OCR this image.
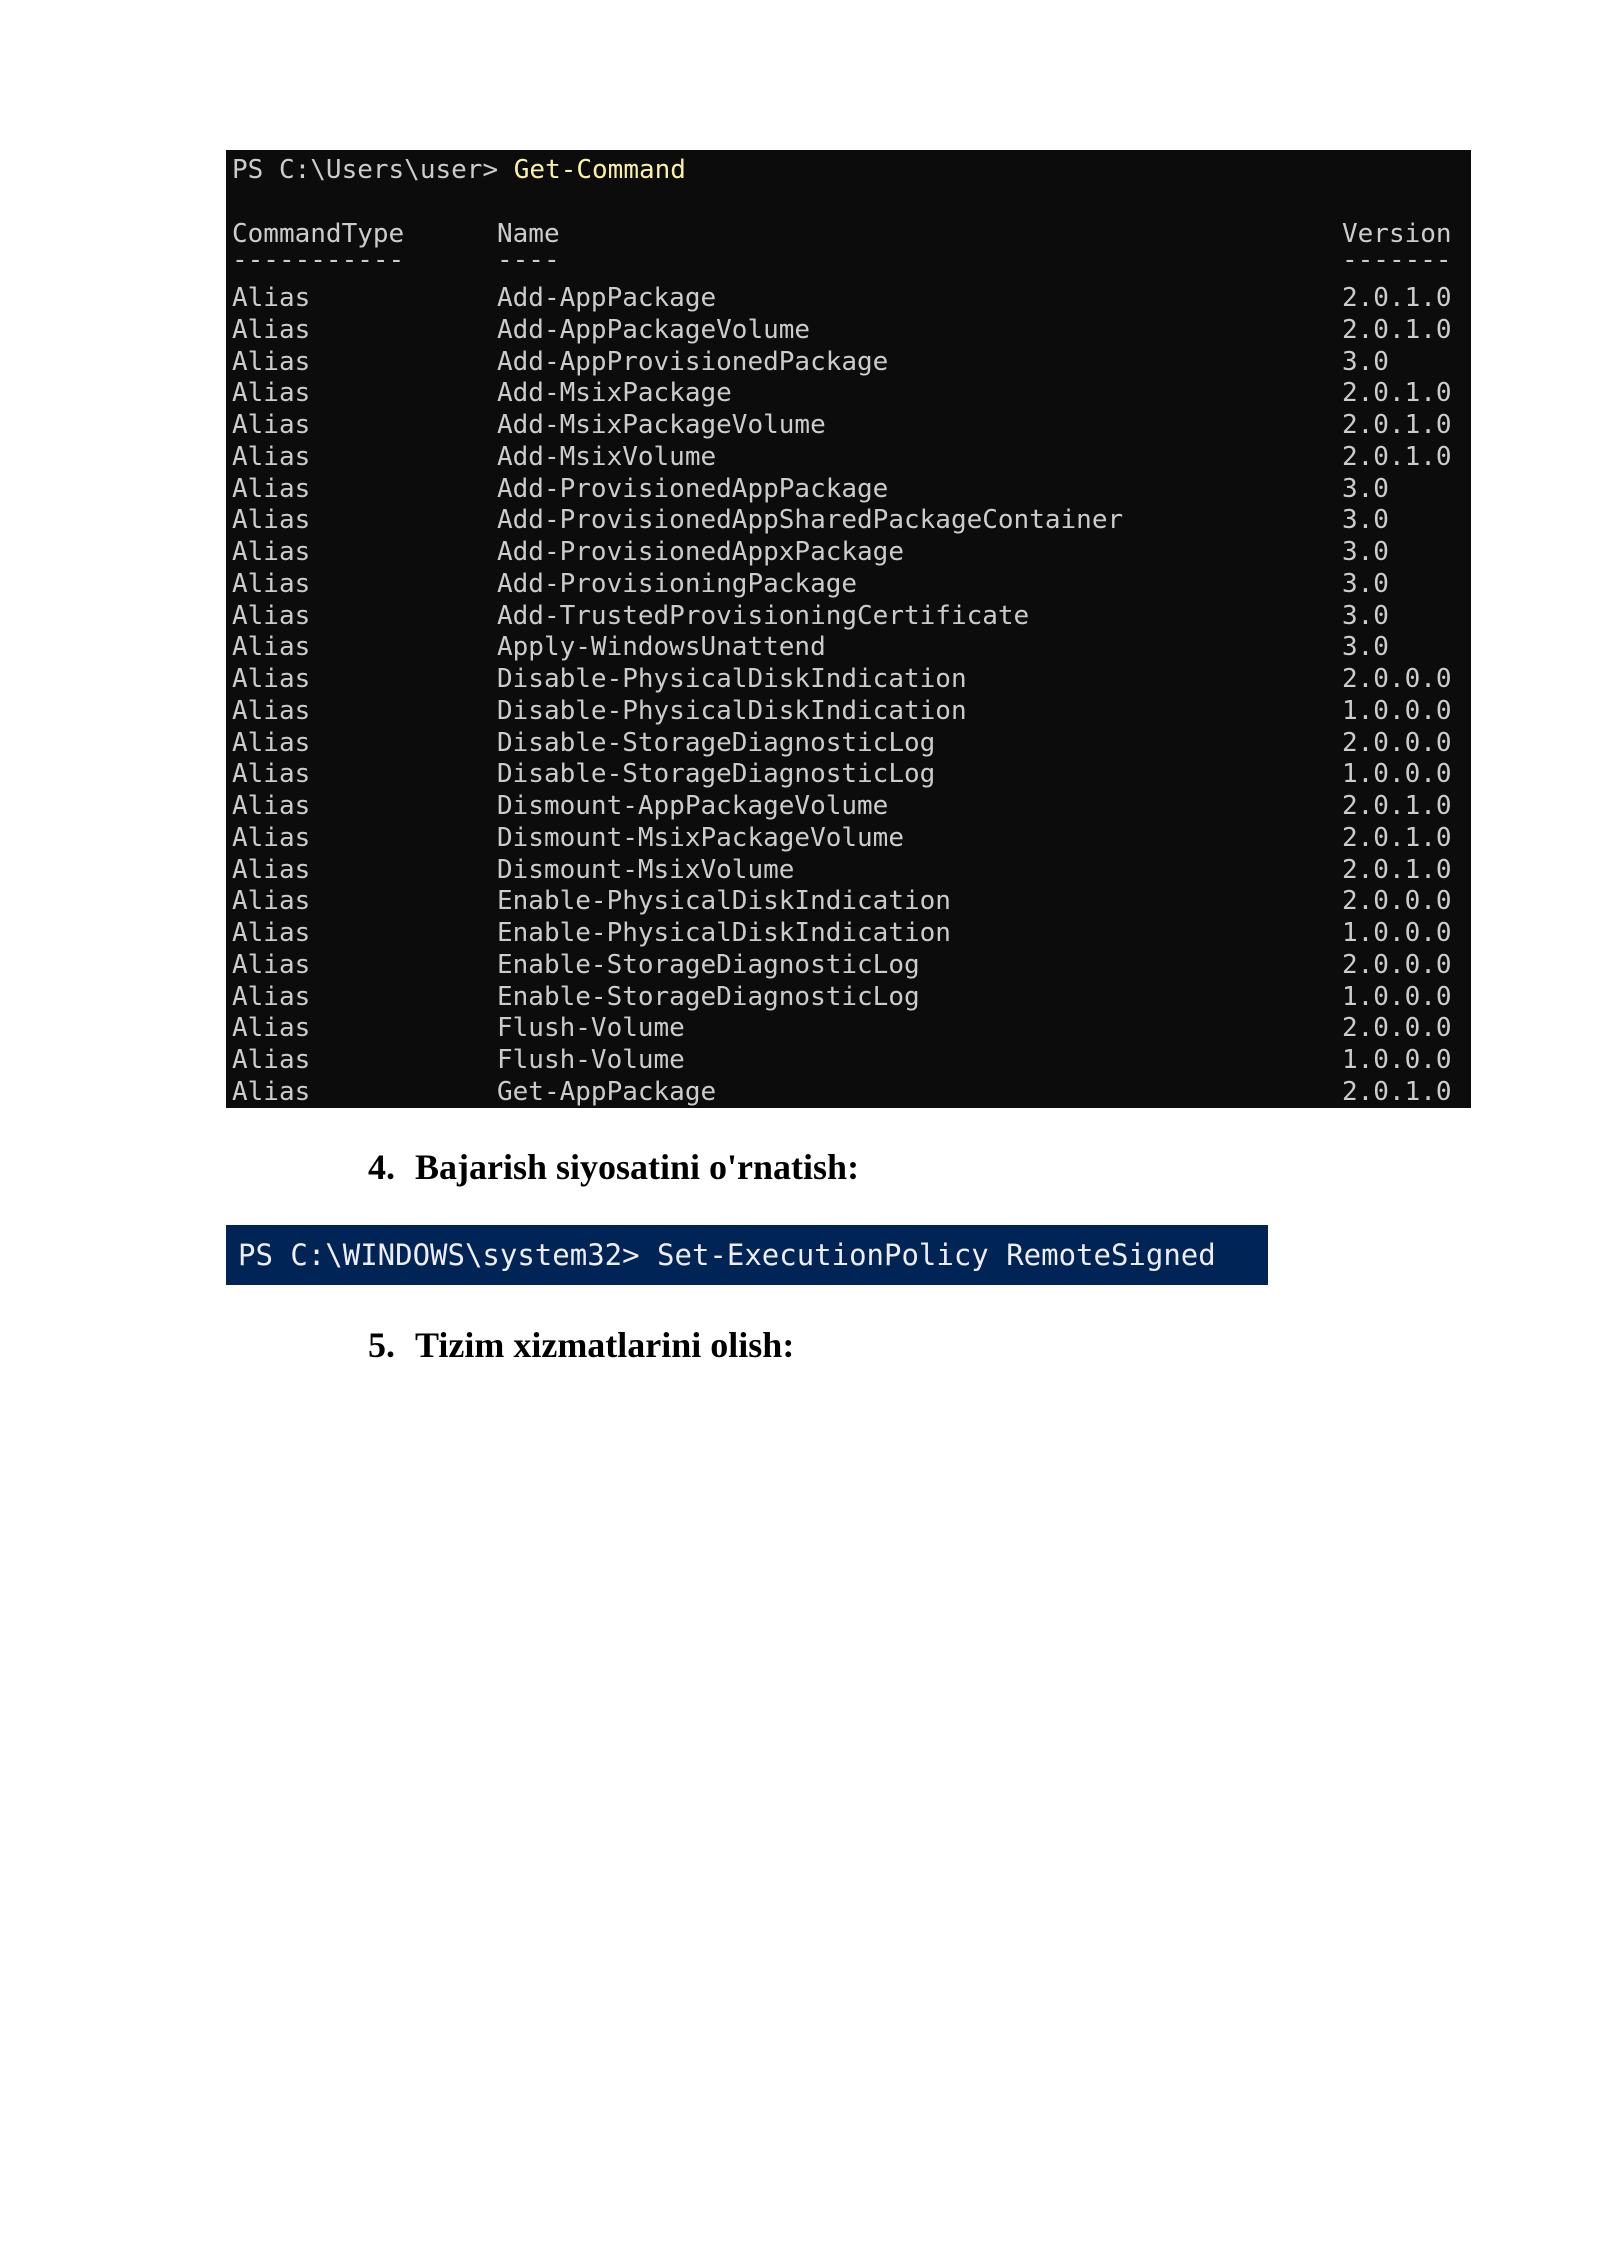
PS C:\Users\user> Get-Command
CommandType	Name	Version
-----------	----	-------
Alias	Add-AppPackage	2.0.1.0
Alias	Add-AppPackageVolume	2.0.1.0
Alias	Add-AppProvisionedPackage	3.0
Alias	Add-MsixPackage	2.0.1.0
Alias	Add-MsixPackageVolume	2.0.1.0
Alias	Add-MsixVolume	2.0.1.0
Alias	Add-ProvisionedAppPackage	3.0
Alias	Add-ProvisionedAppSharedPackageContainer	3.0
Alias	Add-ProvisionedAppxPackage	3.0
Alias	Add-ProvisioningPackage	3.0
Alias	Add-TrustedProvisioningCertificate	3.0
Alias	Apply-WindowsUnattend	3.0
Alias	Disable-PhysicalDiskIndication	2.0.0.0
Alias	Disable-PhysicalDiskIndication	1.0.0.0
Alias	Disable-StorageDiagnosticLog	2.0.0.0
Alias	Disable-StorageDiagnosticLog	1.0.0.0
Alias	Dismount-AppPackageVolume	2.0.1.0
Alias	Dismount-MsixPackageVolume	2.0.1.0
Alias	Dismount-MsixVolume	2.0.1.0
Alias	Enable-PhysicalDiskIndication	2.0.0.0
Alias	Enable-PhysicalDiskIndication	1.0.0.0
Alias	Enable-StorageDiagnosticLog	2.0.0.0
Alias	Enable-StorageDiagnosticLog	1.0.0.0
Alias	Flush-Volume	2.0.0.0
Alias	Flush-Volume	1.0.0.0
Alias	Get-AppPackage	2.0.1.0
4. Bajarish siyosatini o'rnatish:
PS C:\WINDOWS\system32> Set-ExecutionPolicy RemoteSigned
5. Tizim xizmatlarini olish:
